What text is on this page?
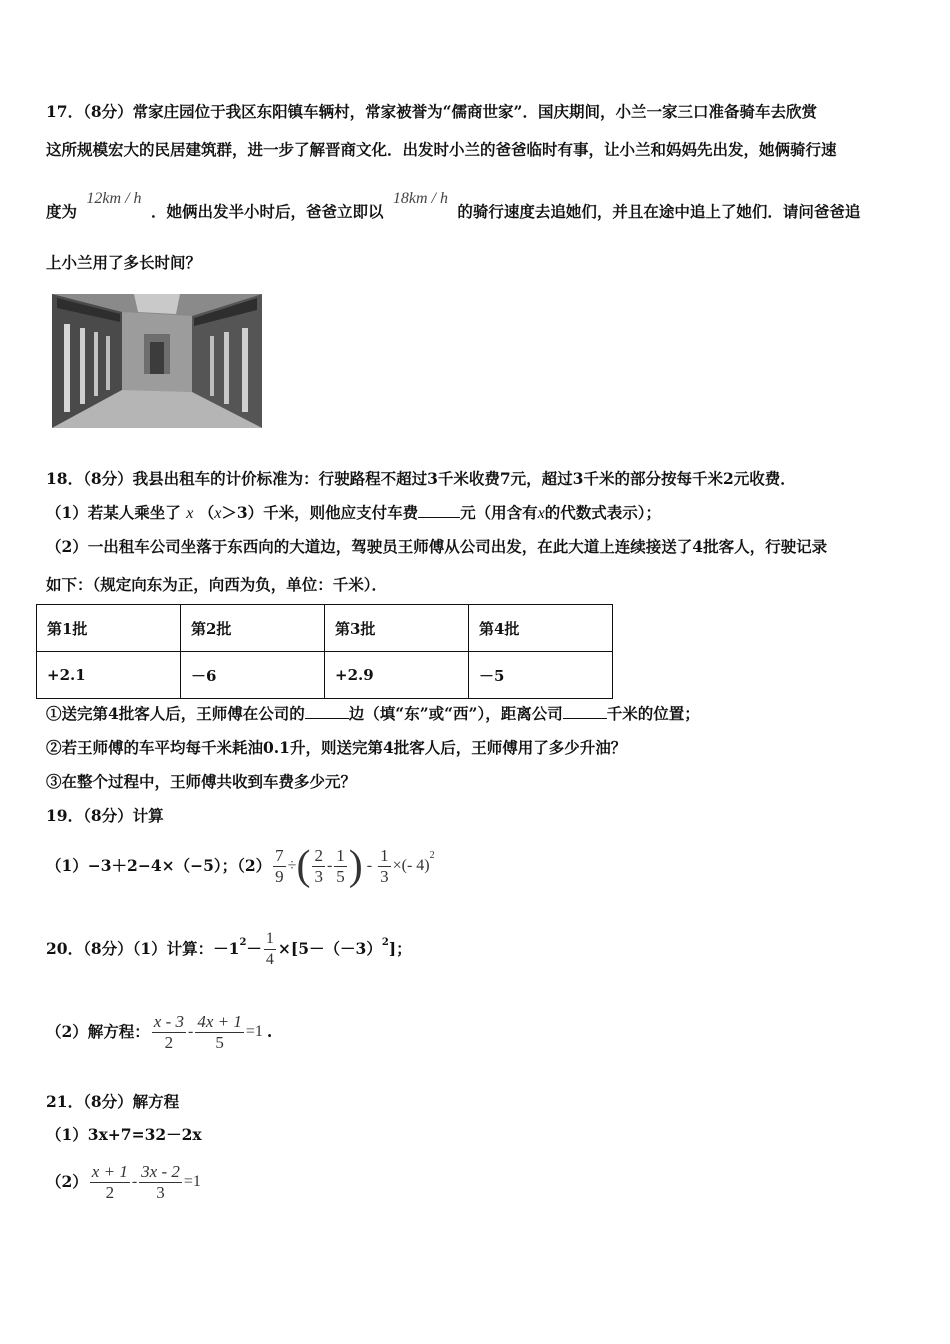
17．（8分）常家庄园位于我区东阳镇车辆村，常家被誉为“儒商世家”．国庆期间，小兰一家三口准备骑车去欣赏
这所规模宏大的民居建筑群，进一步了解晋商文化．出发时小兰的爸爸临时有事，让小兰和妈妈先出发，她俩骑行速
度为 12km / h ．她俩出发半小时后，爸爸立即以 18km / h 的骑行速度去追她们，并且在途中追上了她们．请问爸爸追
上小兰用了多长时间？
18．（8分）我县出租车的计价标准为：行驶路程不超过3千米收费7元，超过3千米的部分按每千米2元收费．
（1）若某人乘坐了 x （x＞3）千米，则他应支付车费	元（用含有x的代数式表示）；
（2）一出租车公司坐落于东西向的大道边，驾驶员王师傅从公司出发，在此大道上连续接送了4批客人，行驶记录
如下：（规定向东为正，向西为负，单位：千米）．
第1批	第2批	第3批	第4批
+2.1	－6	+2.9	－5
①送完第4批客人后，王师傅在公司的	边（填“东”或“西”），距离公司	千米的位置；
②若王师傅的车平均每千米耗油0.1升，则送完第4批客人后，王师傅用了多少升油？
③在整个过程中，王师傅共收到车费多少元？
19．（8分）计算
（1）−3＋2−4×（−5）；$(2) \frac{7}{9}$ ÷ ( $\frac{2}{3} - \frac{1}{5}$ ) - $\frac{1}{3}$ ×(- 4)
$^2$
20．（8分）（1）计算：$-1^2 - \frac{1}{4} \times[5-(-3)^2$ ]；
（2）解方程： $\frac{x - 3}{2} - \frac{4x + 1}{5} =1$ .
21．（8分）解方程
（1）3x+7=32－2x
$(2) \frac{x + 1}{2} - \frac{3x - 2}{3} =1$
